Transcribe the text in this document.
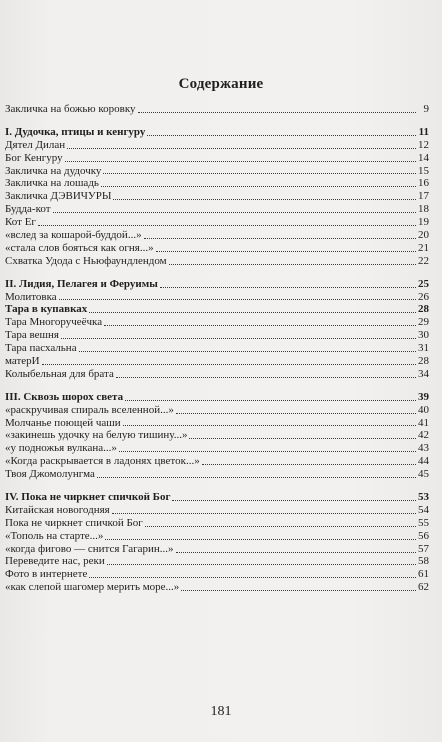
Содержание
Закличка на божью коровку	9
I. Дудочка, птицы и кенгуру	11
Дятел Дилан	12
Бог Кенгуру	14
Закличка на дудочку	15
Закличка на лошадь	16
Закличка ДЭВИЧУРЫ	17
Будда-кот	18
Кот Ег	19
«вслед за кошарой-буддой...»	20
«стала слов бояться как огня...»	21
Схватка Удода с Ньюфаундлендом	22
II. Лидия, Пелагея и Феруимы	25
Молитовка	26
Тара в купавках	28
Тара Многоручеёчка	29
Тара вешня	30
Тара пасхальна	31
матерИ	28
Колыбельная для брата	34
III. Сквозь шорох света	39
«раскручивая спираль вселенной...»	40
Молчанье поющей чаши	41
«закинешь удочку на белую тишину...»	42
«у подножья вулкана...»	43
«Когда раскрывается в ладонях цветок...»	44
Твоя Джомолунгма	45
IV. Пока не чиркнет спичкой Бог	53
Китайская новогодняя	54
Пока не чиркнет спичкой Бог	55
«Тополь на старте...»	56
«когда фигово — снится Гагарин...»	57
Переведите нас, реки	58
Фото в интернете	61
«как слепой шагомер мерить море...»	62
181
